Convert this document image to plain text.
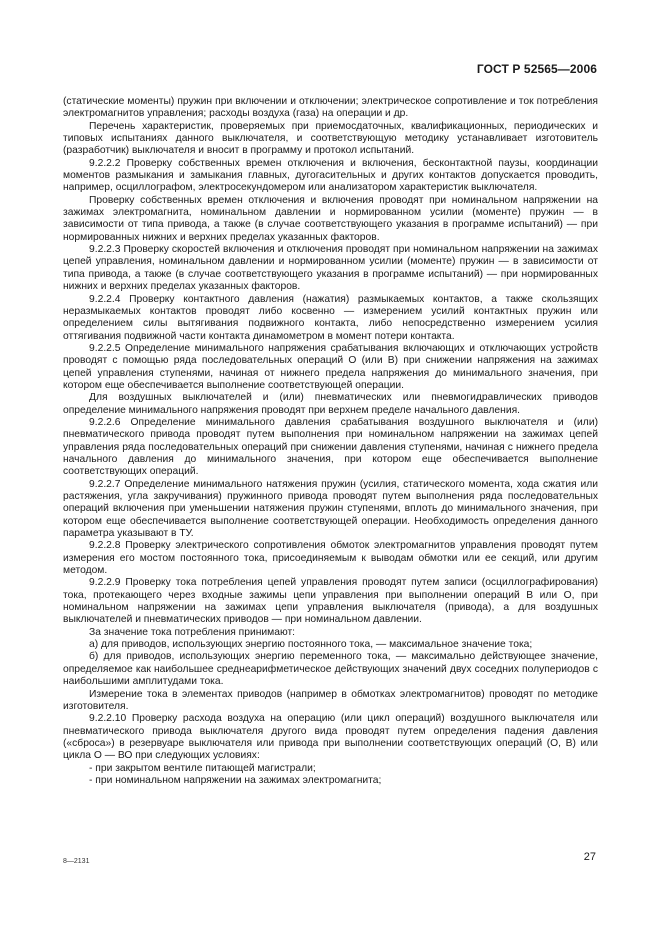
ГОСТ Р 52565—2006

(статические моменты) пружин при включении и отключении; электрическое сопротивление и ток потребления электромагнитов управления; расходы воздуха (газа) на операции и др.

Перечень характеристик, проверяемых при приемосдаточных, квалификационных, периодических и типовых испытаниях данного выключателя, и соответствующую методику устанавливает изготовитель (разработчик) выключателя и вносит в программу и протокол испытаний.

9.2.2.2 Проверку собственных времен отключения и включения, бесконтактной паузы, координации моментов размыкания и замыкания главных, дугогасительных и других контактов допускается проводить, например, осциллографом, электросекундомером или анализатором характеристик выключателя.

Проверку собственных времен отключения и включения проводят при номинальном напряжении на зажимах электромагнита, номинальном давлении и нормированном усилии (моменте) пружин — в зависимости от типа привода, а также (в случае соответствующего указания в программе испытаний) — при нормированных нижних и верхних пределах указанных факторов.

9.2.2.3 Проверку скоростей включения и отключения проводят при номинальном напряжении на зажимах цепей управления, номинальном давлении и нормированном усилии (моменте) пружин — в зависимости от типа привода, а также (в случае соответствующего указания в программе испытаний) — при нормированных нижних и верхних пределах указанных факторов.

9.2.2.4 Проверку контактного давления (нажатия) размыкаемых контактов, а также скользящих неразмыкаемых контактов проводят либо косвенно — измерением усилий контактных пружин или определением силы вытягивания подвижного контакта, либо непосредственно измерением усилия оттягивания подвижной части контакта динамометром в момент потери контакта.

9.2.2.5 Определение минимального напряжения срабатывания включающих и отключающих устройств проводят с помощью ряда последовательных операций О (или В) при снижении напряжения на зажимах цепей управления ступенями, начиная от нижнего предела напряжения до минимального значения, при котором еще обеспечивается выполнение соответствующей операции.

Для воздушных выключателей и (или) пневматических или пневмогидравлических приводов определение минимального напряжения проводят при верхнем пределе начального давления.

9.2.2.6 Определение минимального давления срабатывания воздушного выключателя и (или) пневматического привода проводят путем выполнения при номинальном напряжении на зажимах цепей управления ряда последовательных операций при снижении давления ступенями, начиная с нижнего предела начального давления до минимального значения, при котором еще обеспечивается выполнение соответствующих операций.

9.2.2.7 Определение минимального натяжения пружин (усилия, статического момента, хода сжатия или растяжения, угла закручивания) пружинного привода проводят путем выполнения ряда последовательных операций включения при уменьшении натяжения пружин ступенями, вплоть до минимального значения, при котором еще обеспечивается выполнение соответствующей операции. Необходимость определения данного параметра указывают в ТУ.

9.2.2.8 Проверку электрического сопротивления обмоток электромагнитов управления проводят путем измерения его мостом постоянного тока, присоединяемым к выводам обмотки или ее секций, или другим методом.

9.2.2.9 Проверку тока потребления цепей управления проводят путем записи (осциллографирования) тока, протекающего через входные зажимы цепи управления при выполнении операций В или О, при номинальном напряжении на зажимах цепи управления выключателя (привода), а для воздушных выключателей и пневматических приводов — при номинальном давлении.

За значение тока потребления принимают:

а) для приводов, использующих энергию постоянного тока, — максимальное значение тока;

б) для приводов, использующих энергию переменного тока, — максимально действующее значение, определяемое как наибольшее среднеарифметическое действующих значений двух соседних полупериодов с наибольшими амплитудами тока.

Измерение тока в элементах приводов (например в обмотках электромагнитов) проводят по методике изготовителя.

9.2.2.10 Проверку расхода воздуха на операцию (или цикл операций) воздушного выключателя или пневматического привода выключателя другого вида проводят путем определения падения давления («сброса») в резервуаре выключателя или привода при выполнении соответствующих операций (О, В) или цикла О — ВО при следующих условиях:

- при закрытом вентиле питающей магистрали;

- при номинальном напряжении на зажимах электромагнита;

8—2131	27
